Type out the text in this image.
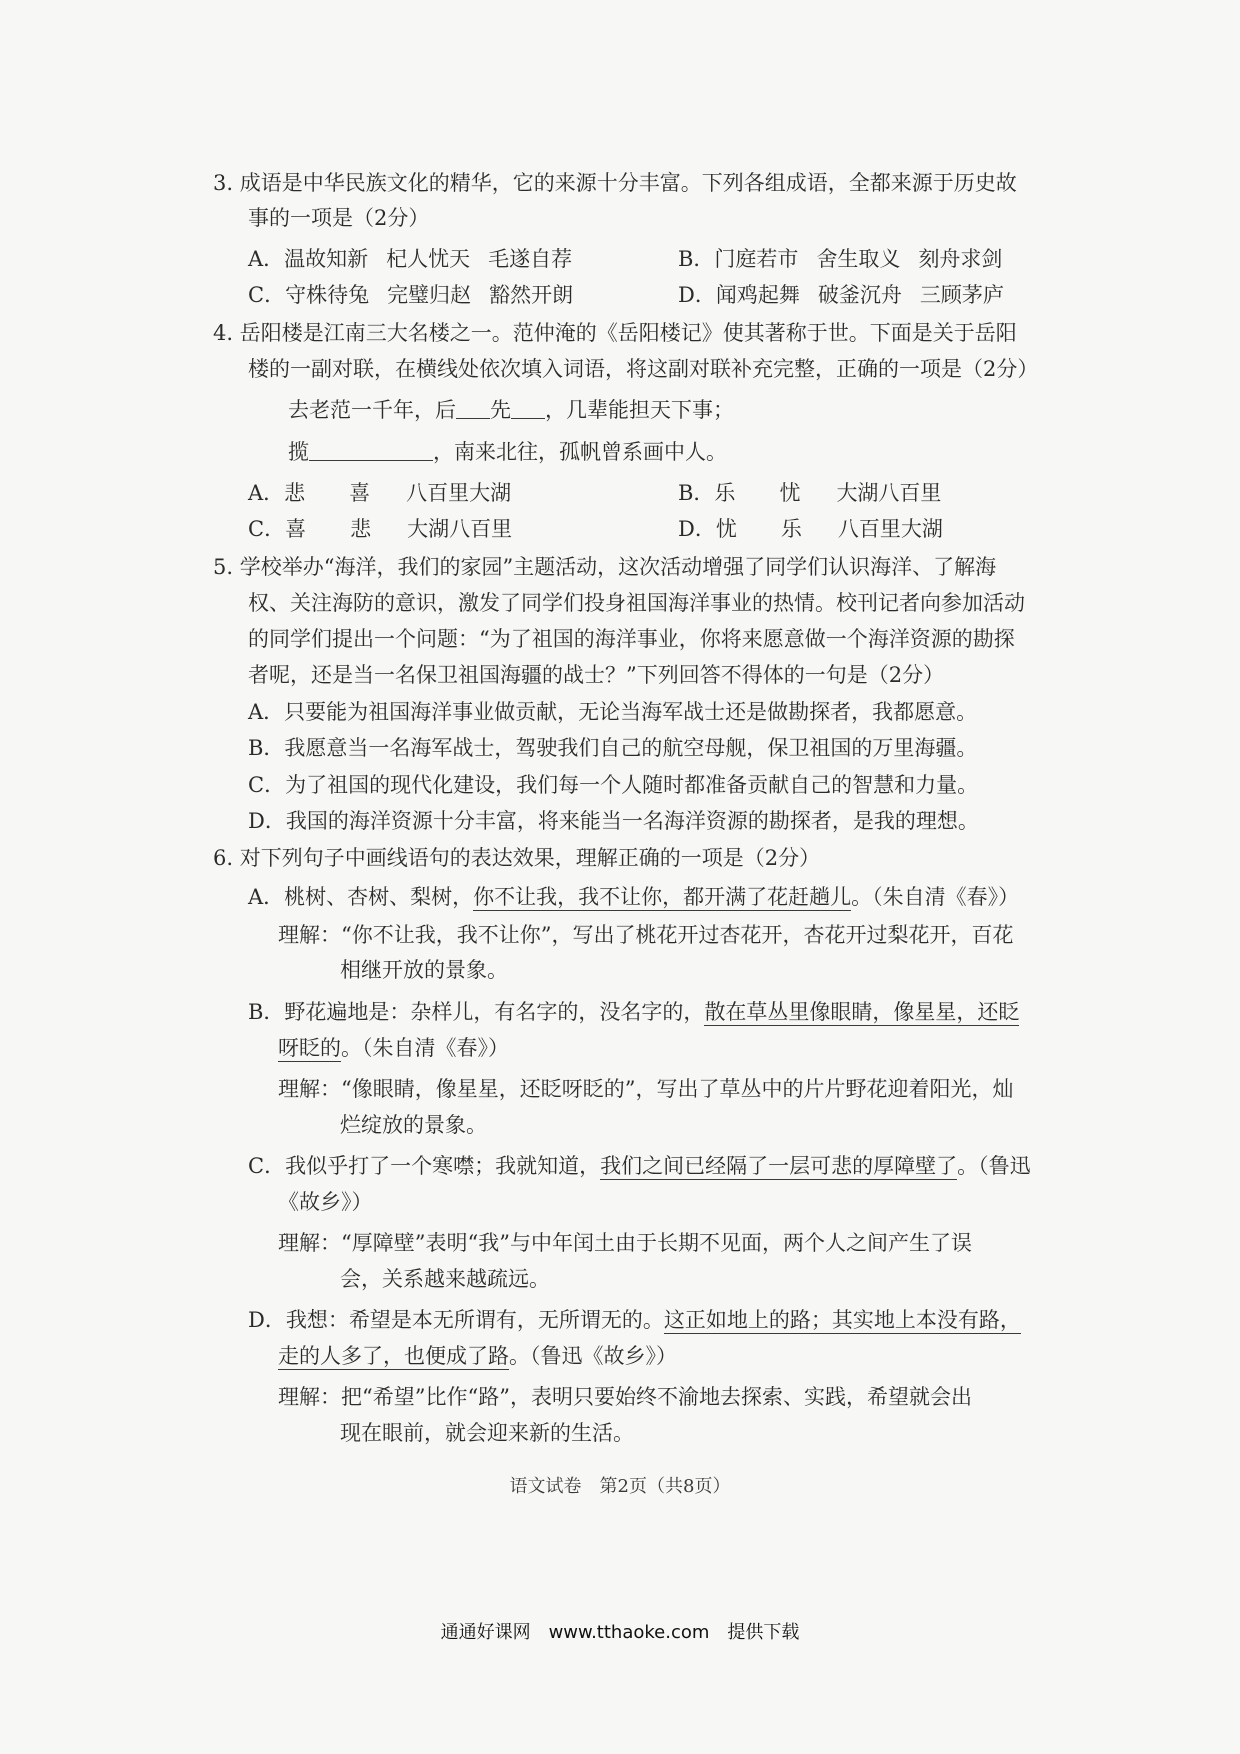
3. 成语是中华民族文化的精华，它的来源十分丰富。下列各组成语，全都来源于历史故
事的一项是（2分）
A．温故知新 杞人忧天 毛遂自荐	B．门庭若市 舍生取义 刻舟求剑
C．守株待兔 完璧归赵 豁然开朗	D．闻鸡起舞 破釜沉舟 三顾茅庐
4. 岳阳楼是江南三大名楼之一。范仲淹的《岳阳楼记》使其著称于世。下面是关于岳阳
楼的一副对联，在横线处依次填入词语，将这副对联补充完整，正确的一项是（2分）
去老范一千年，后 先 ，几辈能担天下事；
揽	，南来北往，孤帆曾系画中人。
A．悲 喜 八百里大湖	B．乐 忧 大湖八百里
C．喜 悲 大湖八百里	D．忧 乐 八百里大湖
5. 学校举办“海洋，我们的家园”主题活动，这次活动增强了同学们认识海洋、了解海
权、关注海防的意识，激发了同学们投身祖国海洋事业的热情。校刊记者向参加活动
的同学们提出一个问题：“为了祖国的海洋事业，你将来愿意做一个海洋资源的勘探
者呢，还是当一名保卫祖国海疆的战士？”下列回答不得体的一句是（2分）
A．只要能为祖国海洋事业做贡献，无论当海军战士还是做勘探者，我都愿意。
B．我愿意当一名海军战士，驾驶我们自己的航空母舰，保卫祖国的万里海疆。
C．为了祖国的现代化建设，我们每一个人随时都准备贡献自己的智慧和力量。
D．我国的海洋资源十分丰富，将来能当一名海洋资源的勘探者，是我的理想。
6. 对下列句子中画线语句的表达效果，理解正确的一项是（2分）
A．桃树、杏树、梨树，你不让我，我不让你，都开满了花赶趟儿。（朱自清《春》）
理解：“你不让我，我不让你”，写出了桃花开过杏花开，杏花开过梨花开，百花
相继开放的景象。
B．野花遍地是：杂样儿，有名字的，没名字的，散在草丛里像眼睛，像星星，还眨
呀眨的。（朱自清《春》）
理解：“像眼睛，像星星，还眨呀眨的”，写出了草丛中的片片野花迎着阳光，灿
烂绽放的景象。
C．我似乎打了一个寒噤；我就知道，我们之间已经隔了一层可悲的厚障壁了。（鲁迅
《故乡》）
理解：“厚障壁”表明“我”与中年闰土由于长期不见面，两个人之间产生了误
会，关系越来越疏远。
D．我想：希望是本无所谓有，无所谓无的。这正如地上的路；其实地上本没有路，
走的人多了，也便成了路。（鲁迅《故乡》）
理解：把“希望”比作“路”，表明只要始终不渝地去探索、实践，希望就会出
现在眼前，就会迎来新的生活。
语文试卷　第2页（共8页）
通通好课网　www.tthaoke.com　提供下载
